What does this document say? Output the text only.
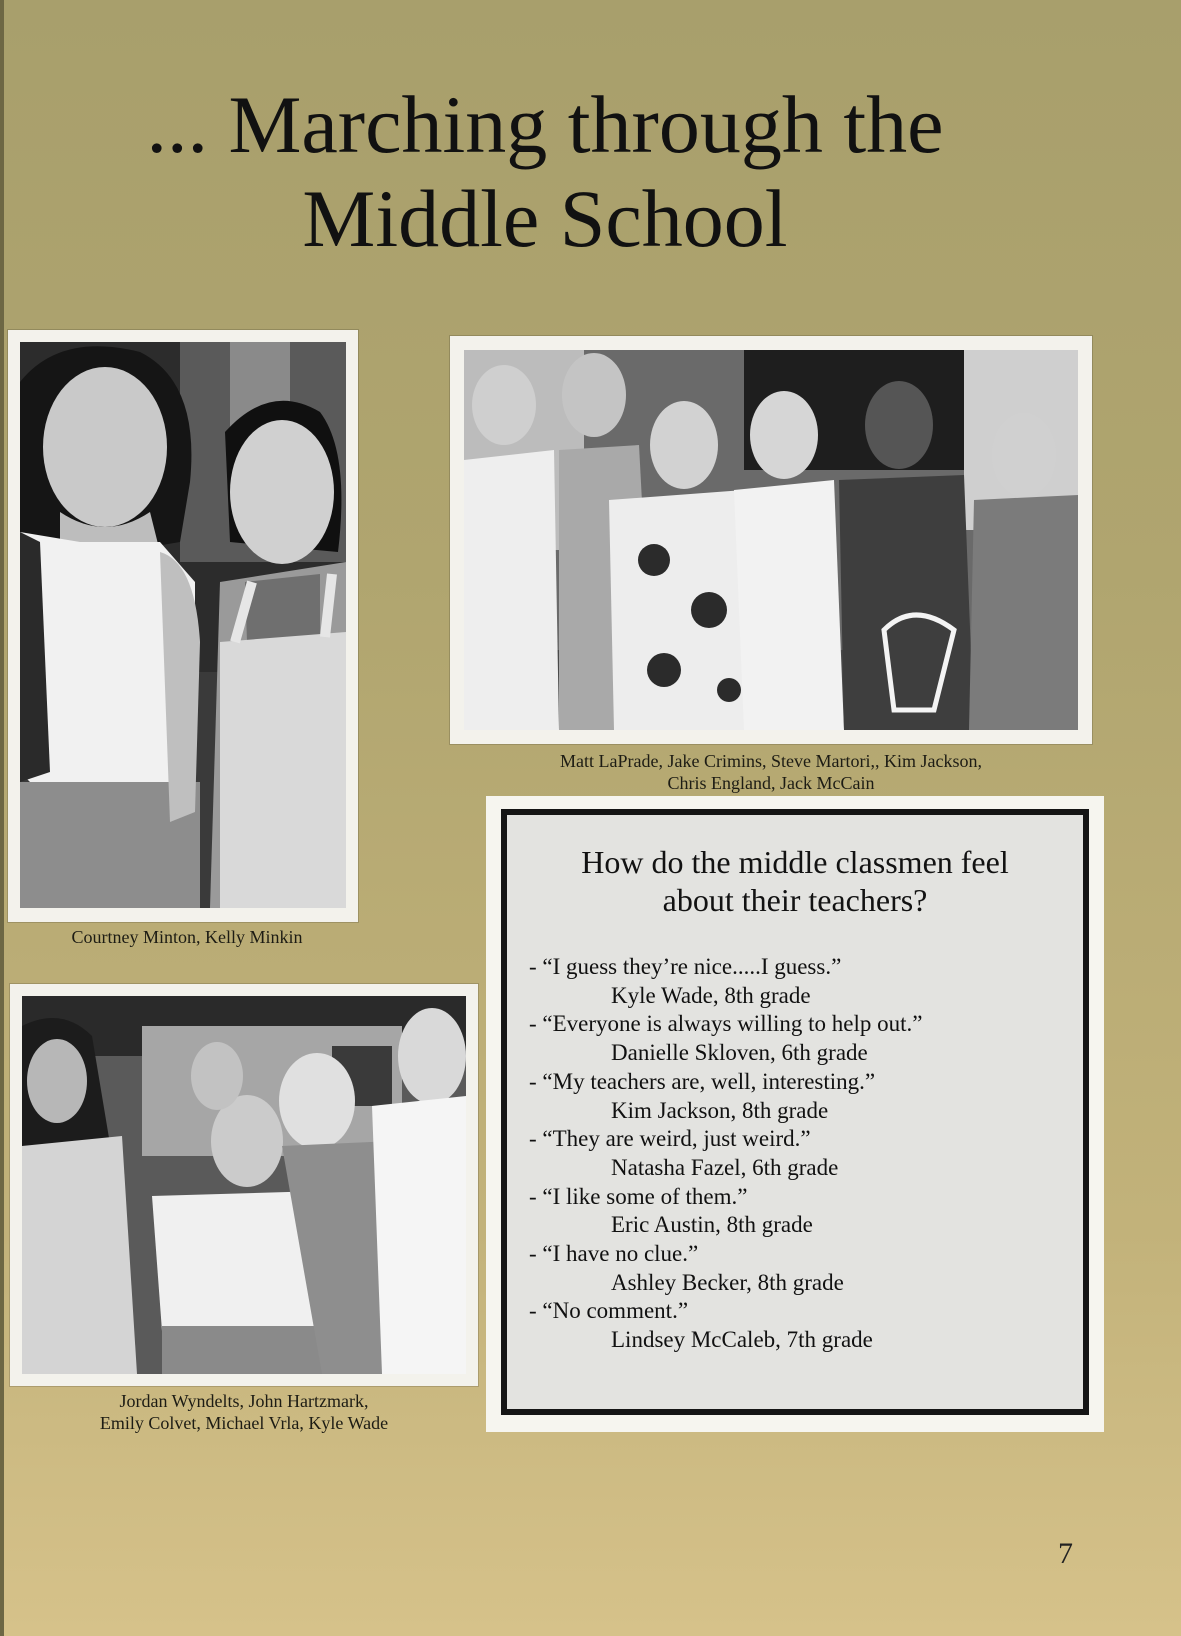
... Marching through the
Middle School
Courtney Minton, Kelly Minkin
Matt LaPrade, Jake Crimins, Steve Martori,, Kim Jackson,
Chris England, Jack McCain
Jordan Wyndelts, John Hartzmark,
Emily Colvet, Michael Vrla, Kyle Wade
How do the middle classmen feel
about their teachers?
- “I guess they’re nice.....I guess.”
Kyle Wade, 8th grade
- “Everyone is always willing to help out.”
Danielle Skloven, 6th grade
- “My teachers are, well, interesting.”
Kim Jackson, 8th grade
- “They are weird, just weird.”
Natasha Fazel, 6th grade
- “I like some of them.”
Eric Austin, 8th grade
- “I have no clue.”
Ashley Becker, 8th grade
- “No comment.”
Lindsey McCaleb, 7th grade
7
